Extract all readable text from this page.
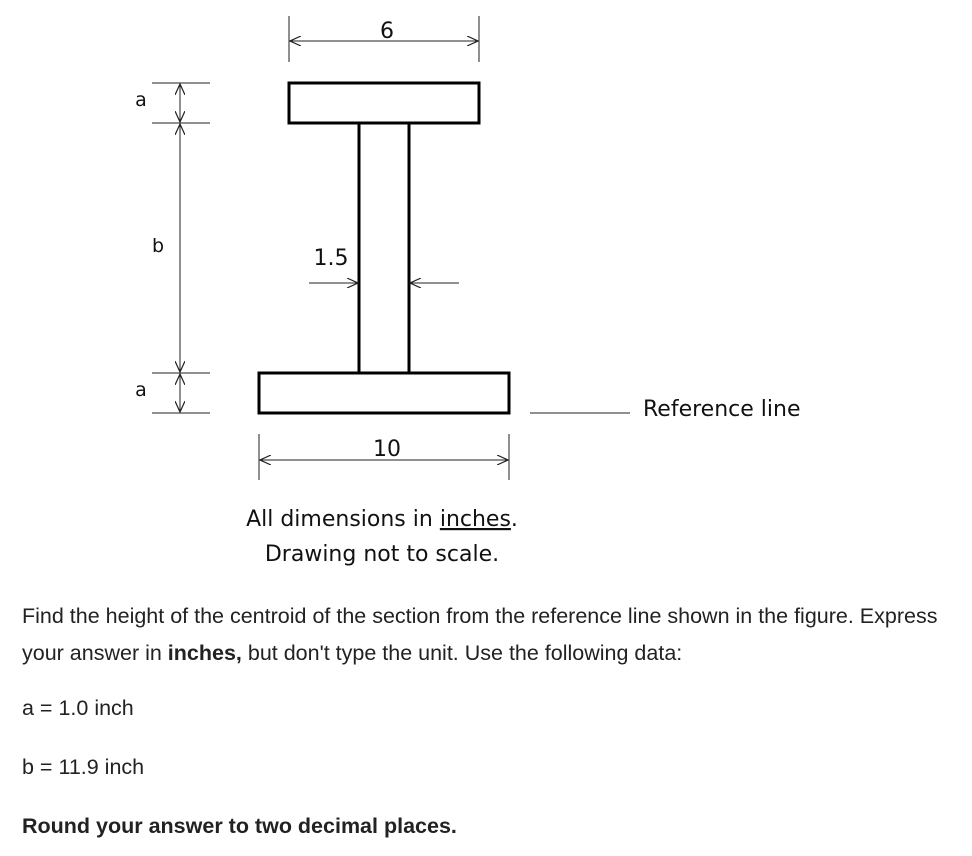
6
1.5
10
a
b
a
Reference line
All dimensions in inches.
Drawing not to scale.

Find the height of the centroid of the section from the reference line shown in the figure. Express your answer in inches, but don't type the unit. Use the following data:

a = 1.0 inch

b = 11.9 inch

Round your answer to two decimal places.
